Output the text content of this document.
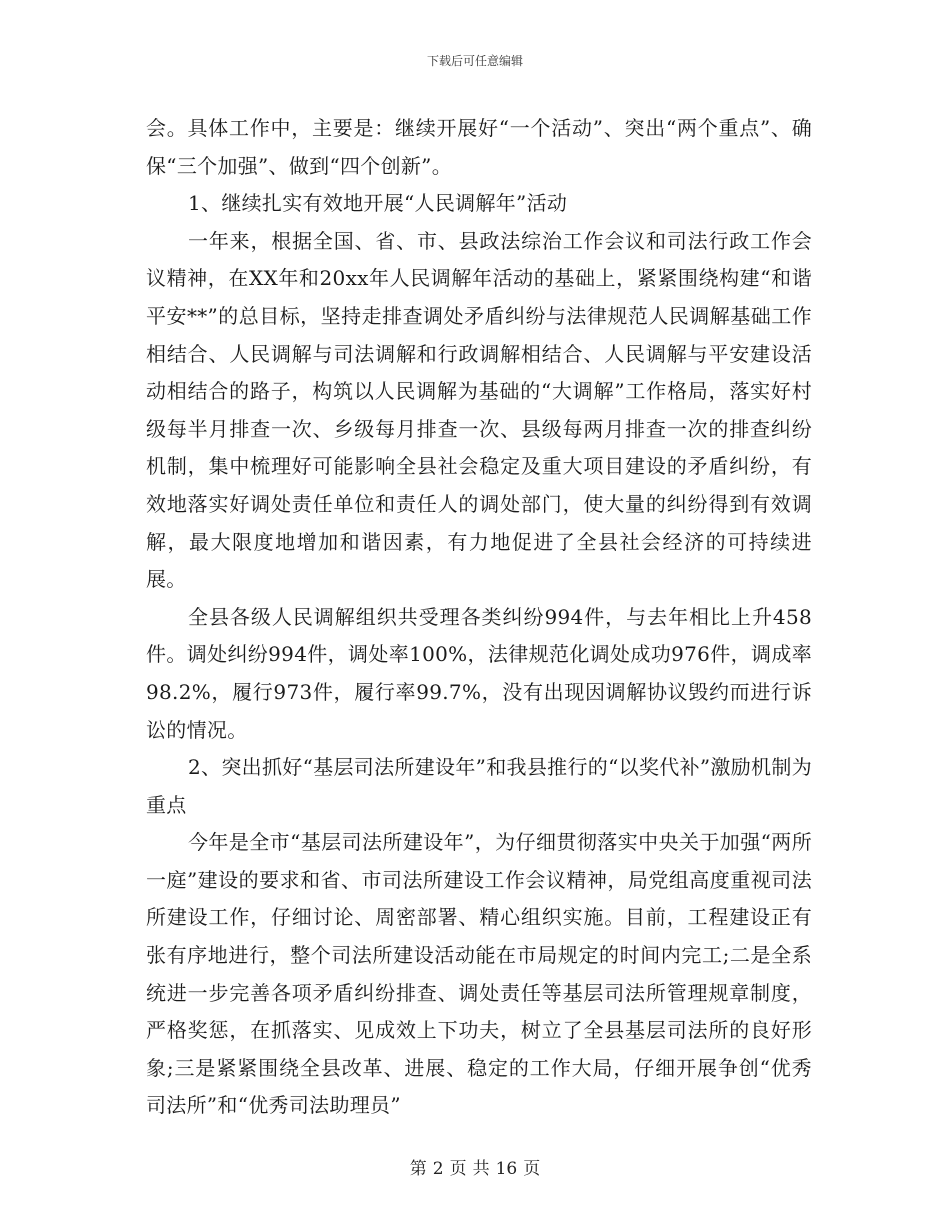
下载后可任意编辑

会。具体工作中，主要是：继续开展好“一个活动”、突出“两个重点”、确保“三个加强”、做到“四个创新”。

1、继续扎实有效地开展“人民调解年”活动

一年来，根据全国、省、市、县政法综治工作会议和司法行政工作会议精神，在XX年和20xx年人民调解年活动的基础上，紧紧围绕构建“和谐平安**”的总目标，坚持走排查调处矛盾纠纷与法律规范人民调解基础工作相结合、人民调解与司法调解和行政调解相结合、人民调解与平安建设活动相结合的路子，构筑以人民调解为基础的“大调解”工作格局，落实好村级每半月排查一次、乡级每月排查一次、县级每两月排查一次的排查纠纷机制，集中梳理好可能影响全县社会稳定及重大项目建设的矛盾纠纷，有效地落实好调处责任单位和责任人的调处部门，使大量的纠纷得到有效调解，最大限度地增加和谐因素，有力地促进了全县社会经济的可持续进展。

全县各级人民调解组织共受理各类纠纷994件，与去年相比上升458件。调处纠纷994件，调处率100%，法律规范化调处成功976件，调成率98.2%，履行973件，履行率99.7%，没有出现因调解协议毁约而进行诉讼的情况。

2、突出抓好“基层司法所建设年”和我县推行的“以奖代补”激励机制为重点

今年是全市“基层司法所建设年”，为仔细贯彻落实中央关于加强“两所一庭”建设的要求和省、市司法所建设工作会议精神，局党组高度重视司法所建设工作，仔细讨论、周密部署、精心组织实施。目前，工程建设正有张有序地进行，整个司法所建设活动能在市局规定的时间内完工;二是全系统进一步完善各项矛盾纠纷排查、调处责任等基层司法所管理规章制度，严格奖惩，在抓落实、见成效上下功夫，树立了全县基层司法所的良好形象;三是紧紧围绕全县改革、进展、稳定的工作大局，仔细开展争创“优秀司法所”和“优秀司法助理员”

第 2 页 共 16 页
